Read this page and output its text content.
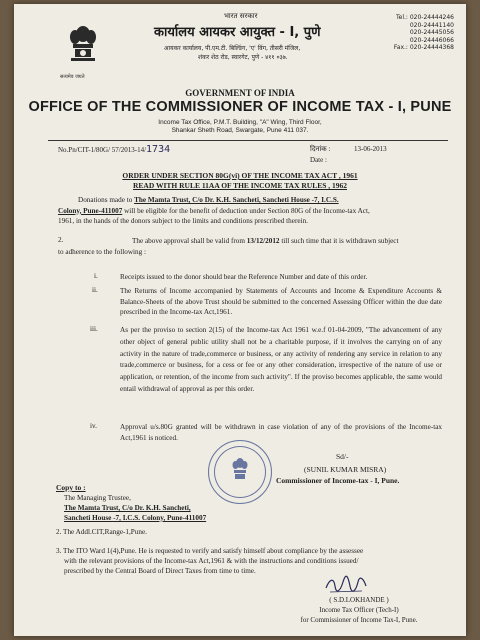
सत्यमेव जयते
भारत सरकार
कार्यालय आयकर आयुक्त - I, पुणे
आयकर कार्यालय, पी.एम.टी. बिल्डिंग, 'ए' विंग, तीसरी मंजिल,
शंकर शेठ रोड, स्वारगेट, पुणे - ४११ ०३७.
Tel.: 020-24444246
020-24441140
020-24445056
020-24446066
Fax.: 020-24444368
GOVERNMENT OF INDIA
OFFICE OF THE COMMISSIONER OF INCOME TAX - I, PUNE
Income Tax Office, P.M.T. Building, "A" Wing, Third Floor,
Shankar Sheth Road, Swargate, Pune 411 037.
No.Pn/CIT-1/80G/ 57/2013-14/1734	दिनांक :	13-06-2013
Date :
ORDER UNDER SECTION 80G(vi) OF THE INCOME TAX ACT , 1961
READ WITH RULE 11AA OF THE INCOME TAX RULES , 1962
Donations made to The Mamta Trust, C/o Dr. K.H. Sancheti, Sancheti House -7, I.C.S.
Colony, Pune-411007 will be eligible for the benefit of deduction under Section 80G of the Income-tax Act,
1961, in the hands of the donors subject to the limits and conditions prescribed therein.
2.	The above approval shall be valid from 13/12/2012 till such time that it is withdrawn subject
to adherence to the following :
i.	Receipts issued to the donor should bear the Reference Number and date of this order.
ii.	The Returns of Income accompanied by Statements of Accounts and Income & Expenditure Accounts & Balance-Sheets of the above Trust should be submitted to the concerned Assessing Officer within the due date prescribed in the Income-tax Act,1961.
iii.	As per the proviso to section 2(15) of the Income-tax Act 1961 w.e.f 01-04-2009, "The advancement of any other object of general public utility shall not be a charitable purpose, if it involves the carrying on of any activity in the nature of trade,commerce or business, or any activity of rendering any service in relation to any trade,commerce or business, for a cess or fee or any other consideration, irrespective of the nature of use or application, or retention, of the income from such activity". If the proviso becomes applicable, the same would entail withdrawal of approval as per this order.
iv.	Approval u/s.80G granted will be withdrawn in case violation of any of the provisions of the Income-tax Act,1961 is noticed.
Sd/-
(SUNIL KUMAR MISRA)
Commissioner of Income-tax - I, Pune.
Copy to :
The Managing Trustee,
The Mamta Trust, C/o Dr. K.H. Sancheti,
Sancheti House -7, I.C.S. Colony, Pune-411007
2. The Addl.CIT,Range-1,Pune.
3. The ITO Ward 1(4),Pune. He is requested to verify and satisfy himself about compliance by the assessee
with the relevant provisions of the Income-tax Act,1961 & with the instructions and conditions issued/
prescribed by the Central Board of Direct Taxes from time to time.
( S.D.LOKHANDE )
Income Tax Officer (Tech-I)
for Commissioner of Income Tax-I, Pune.
